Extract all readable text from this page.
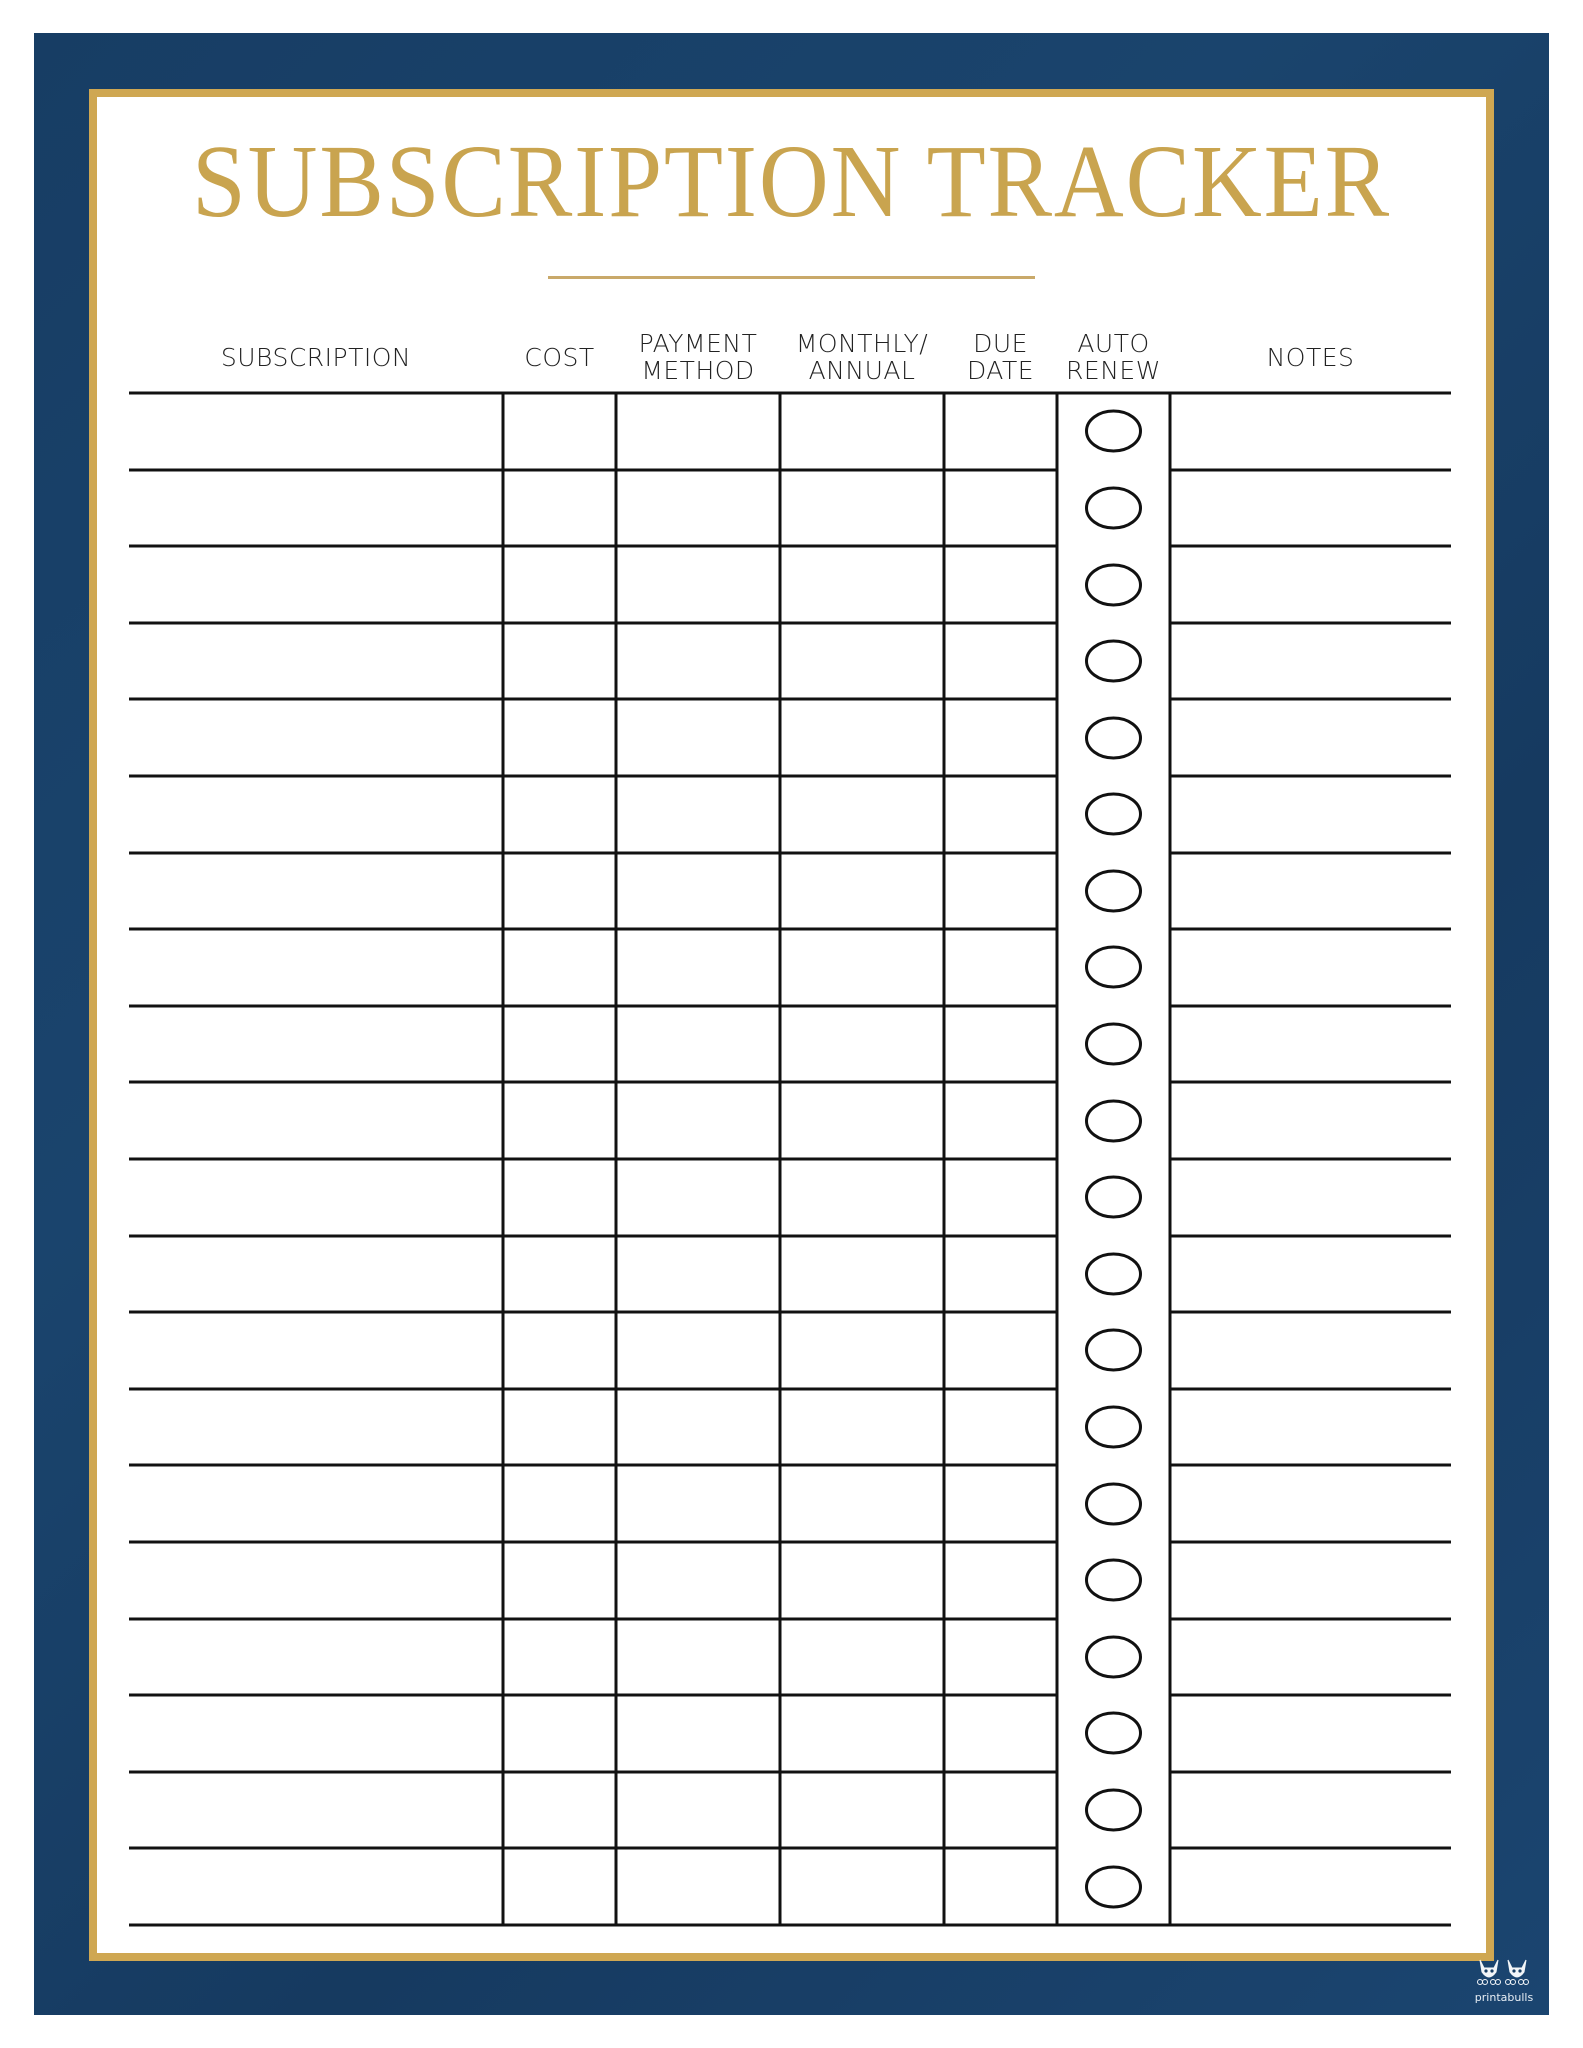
SUBSCRIPTION TRACKER
SUBSCRIPTION	COST PAYMENT
METHOD
MONTHLY/
ANNUAL
DUE
DATE
AUTO
RENEW	NOTES
printabulls
